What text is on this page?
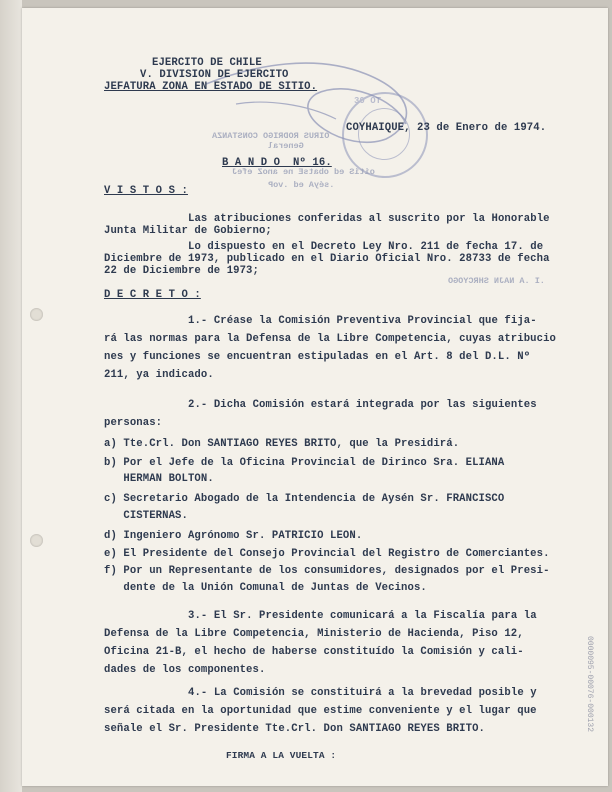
30 OT
OIRUS RODRIGO CONSTANZA
General
oitiS ed obatsE ne anoZ efeJ
.séyA ed .voP
.I .A NAJN SHRCYOGO
EJERCITO DE CHILE
V. DIVISION DE EJERCITO
JEFATURA ZONA EN ESTADO DE SITIO.
COYHAIQUE, 23 de Enero de 1974.
B A N D O  Nº 16.
V I S T O S :
Las atribuciones conferidas al suscrito por la Honorable
Junta Militar de Gobierno;
Lo dispuesto en el Decreto Ley Nro. 211 de fecha 17. de
Diciembre de 1973, publicado en el Diario Oficial Nro. 28733 de fecha
22 de Diciembre de 1973;
D E C R E T O :
1.- Créase la Comisión Preventiva Provincial que fija-
rá las normas para la Defensa de la Libre Competencia, cuyas atribucio
nes y funciones se encuentran estipuladas en el Art. 8 del D.L. Nº
211, ya indicado.
2.- Dicha Comisión estará integrada por las siguientes
personas:
a) Tte.Crl. Don SANTIAGO REYES BRITO, que la Presidirá.
b) Por el Jefe de la Oficina Provincial de Dirinco Sra. ELIANA
HERMAN BOLTON.
c) Secretario Abogado de la Intendencia de Aysén Sr. FRANCISCO
CISTERNAS.
d) Ingeniero Agrónomo Sr. PATRICIO LEON.
e) El Presidente del Consejo Provincial del Registro de Comerciantes.
f) Por un Representante de los consumidores, designados por el Presi-
dente de la Unión Comunal de Juntas de Vecinos.
3.- El Sr. Presidente comunicará a la Fiscalía para la
Defensa de la Libre Competencia, Ministerio de Hacienda, Piso 12,
Oficina 21-B, el hecho de haberse constituído la Comisión y cali-
dades de los componentes.
4.- La Comisión se constituirá a la brevedad posible y
será citada en la oportunidad que estime conveniente y el lugar que
señale el Sr. Presidente Tte.Crl. Don SANTIAGO REYES BRITO.
FIRMA A LA VUELTA :
0000095-00076-000132
